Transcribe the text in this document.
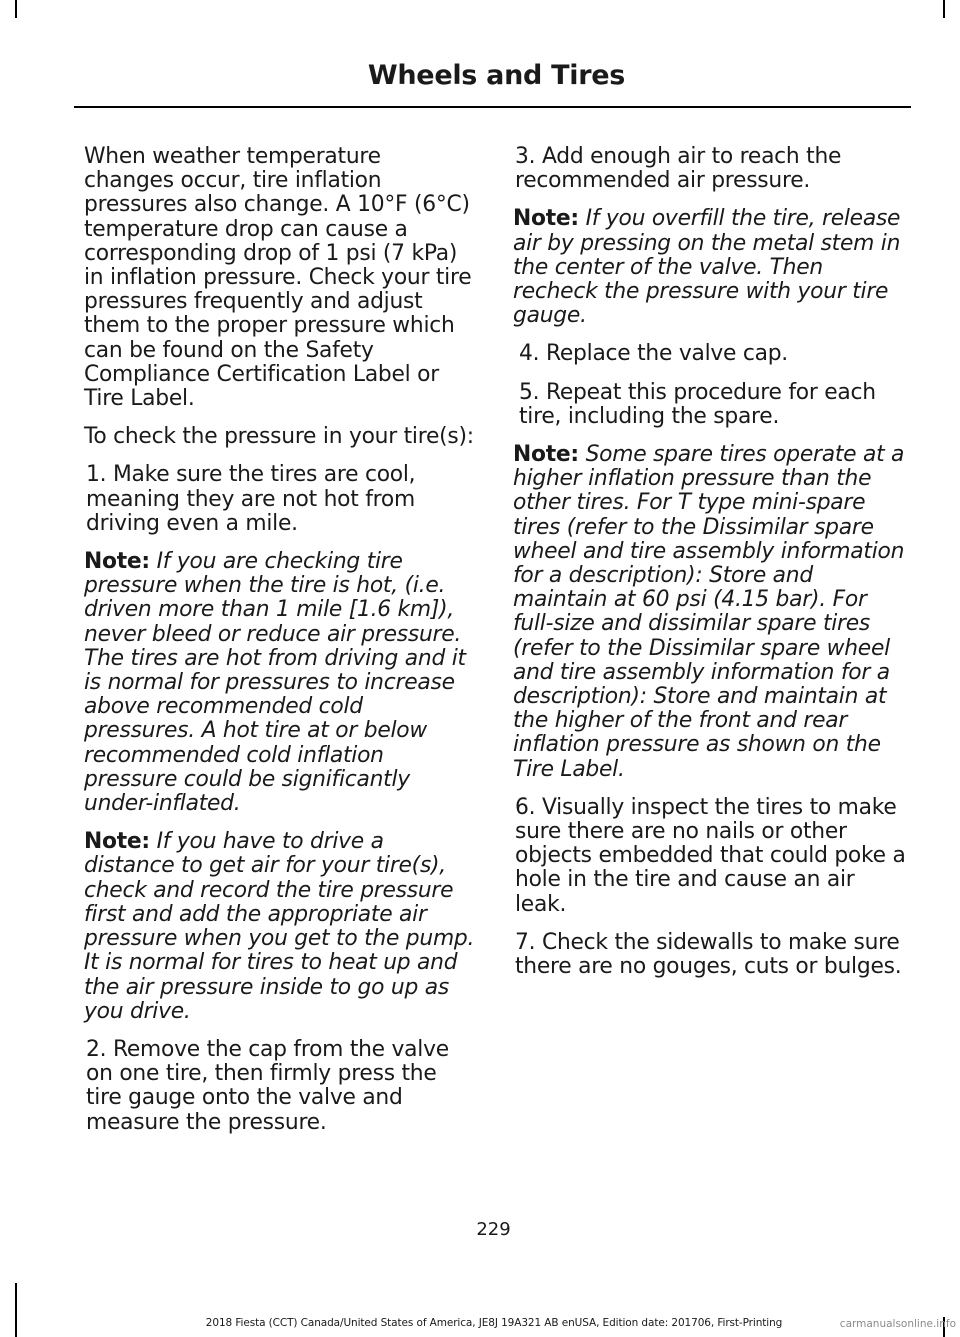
Wheels and Tires

When weather temperature changes occur, tire inflation pressures also change. A 10°F (6°C) temperature drop can cause a corresponding drop of 1 psi (7 kPa) in inflation pressure. Check your tire pressures frequently and adjust them to the proper pressure which can be found on the Safety Compliance Certification Label or Tire Label.

To check the pressure in your tire(s):

1. Make sure the tires are cool, meaning they are not hot from driving even a mile.

Note: If you are checking tire pressure when the tire is hot, (i.e. driven more than 1 mile [1.6 km]), never bleed or reduce air pressure. The tires are hot from driving and it is normal for pressures to increase above recommended cold pressures. A hot tire at or below recommended cold inflation pressure could be significantly under-inflated.

Note: If you have to drive a distance to get air for your tire(s), check and record the tire pressure first and add the appropriate air pressure when you get to the pump. It is normal for tires to heat up and the air pressure inside to go up as you drive.

2. Remove the cap from the valve on one tire, then firmly press the tire gauge onto the valve and measure the pressure.

3. Add enough air to reach the recommended air pressure.

Note: If you overfill the tire, release air by pressing on the metal stem in the center of the valve. Then recheck the pressure with your tire gauge.

4. Replace the valve cap.

5. Repeat this procedure for each tire, including the spare.

Note: Some spare tires operate at a higher inflation pressure than the other tires. For T type mini-spare tires (refer to the Dissimilar spare wheel and tire assembly information for a description): Store and maintain at 60 psi (4.15 bar). For full-size and dissimilar spare tires (refer to the Dissimilar spare wheel and tire assembly information for a description): Store and maintain at the higher of the front and rear inflation pressure as shown on the Tire Label.

6. Visually inspect the tires to make sure there are no nails or other objects embedded that could poke a hole in the tire and cause an air leak.

7. Check the sidewalls to make sure there are no gouges, cuts or bulges.

229
2018 Fiesta (CCT) Canada/United States of America, JE8J 19A321 AB enUSA, Edition date: 201706, First-Printing	carmanualsonline.info
